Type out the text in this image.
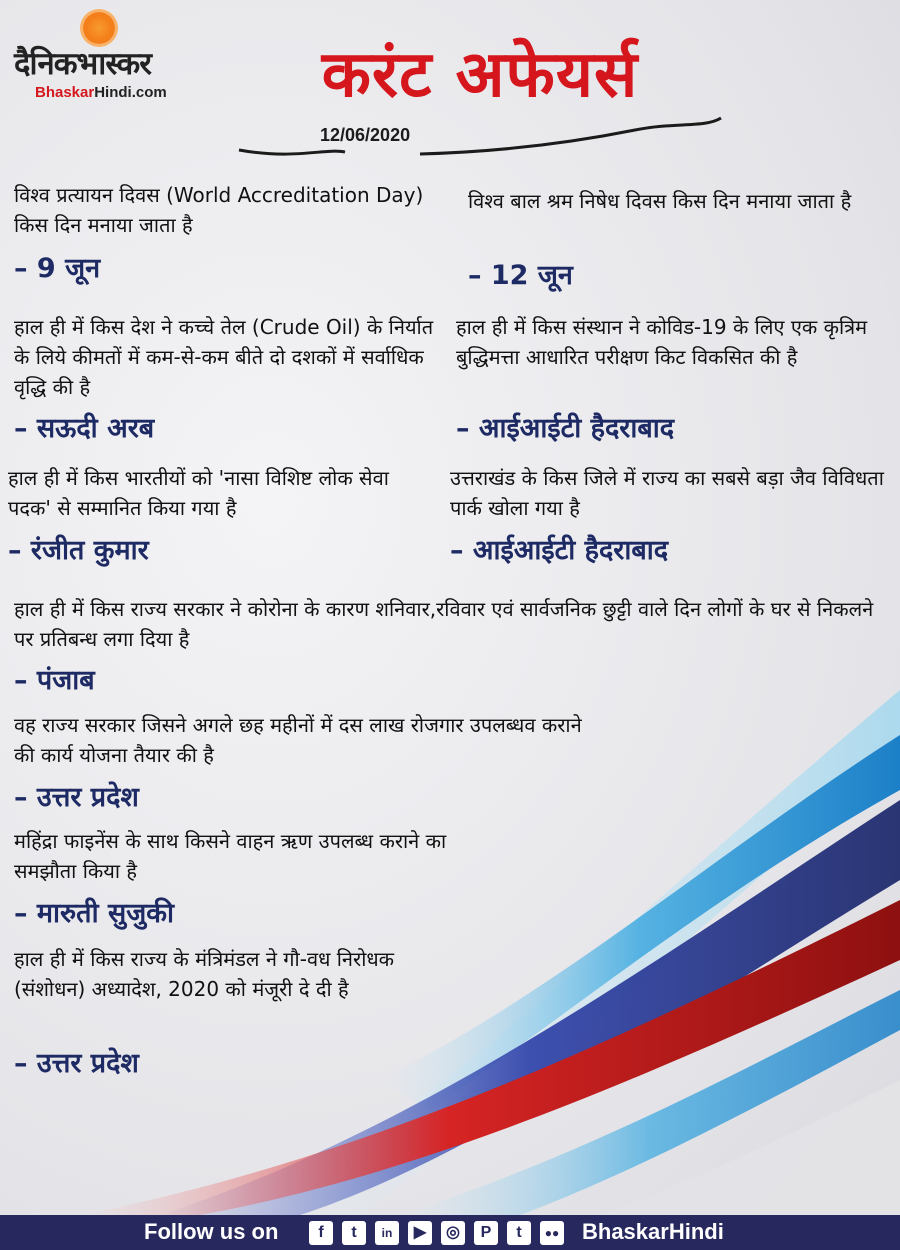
दैनिकभास्कर
BhaskarHindi.com	करंट अफेयर्स
12/06/2020
विश्व प्रत्यायन दिवस (World Accreditation Day) किस दिन मनाया जाता है
– 9 जून
विश्व बाल श्रम निषेध दिवस किस दिन मनाया जाता है
– 12 जून
हाल ही में किस देश ने कच्चे तेल (Crude Oil) के निर्यात के लिये कीमतों में कम-से-कम बीते दो दशकों में सर्वाधिक वृद्धि की है
– सऊदी अरब
हाल ही में किस संस्थान ने कोविड-19 के लिए एक कृत्रिम बुद्धिमत्ता आधारित परीक्षण किट विकसित की है
– आईआईटी हैदराबाद
हाल ही में किस भारतीयों को 'नासा विशिष्ट लोक सेवा पदक' से सम्मानित किया गया है
– रंजीत कुमार
उत्तराखंड के किस जिले में राज्य का सबसे बड़ा जैव विविधता पार्क खोला गया है
– आईआईटी हैदराबाद
हाल ही में किस राज्य सरकार ने कोरोना के कारण शनिवार,रविवार एवं सार्वजनिक छुट्टी वाले दिन लोगों के घर से निकलने पर प्रतिबन्ध लगा दिया है
– पंजाब
वह राज्य सरकार जिसने अगले छह महीनों में दस लाख रोजगार उपलब्धव कराने की कार्य योजना तैयार की है
– उत्तर प्रदेश
महिंद्रा फाइनेंस के साथ किसने वाहन ऋण उपलब्ध कराने का समझौता किया है
– मारुती सुजुकी
हाल ही में किस राज्य के मंत्रिमंडल ने गौ-वध निरोधक (संशोधन) अध्यादेश, 2020 को मंजूरी दे दी है
– उत्तर प्रदेश
Follow us on	f	t	in	▶	◎	P	t	●● BhaskarHindi
